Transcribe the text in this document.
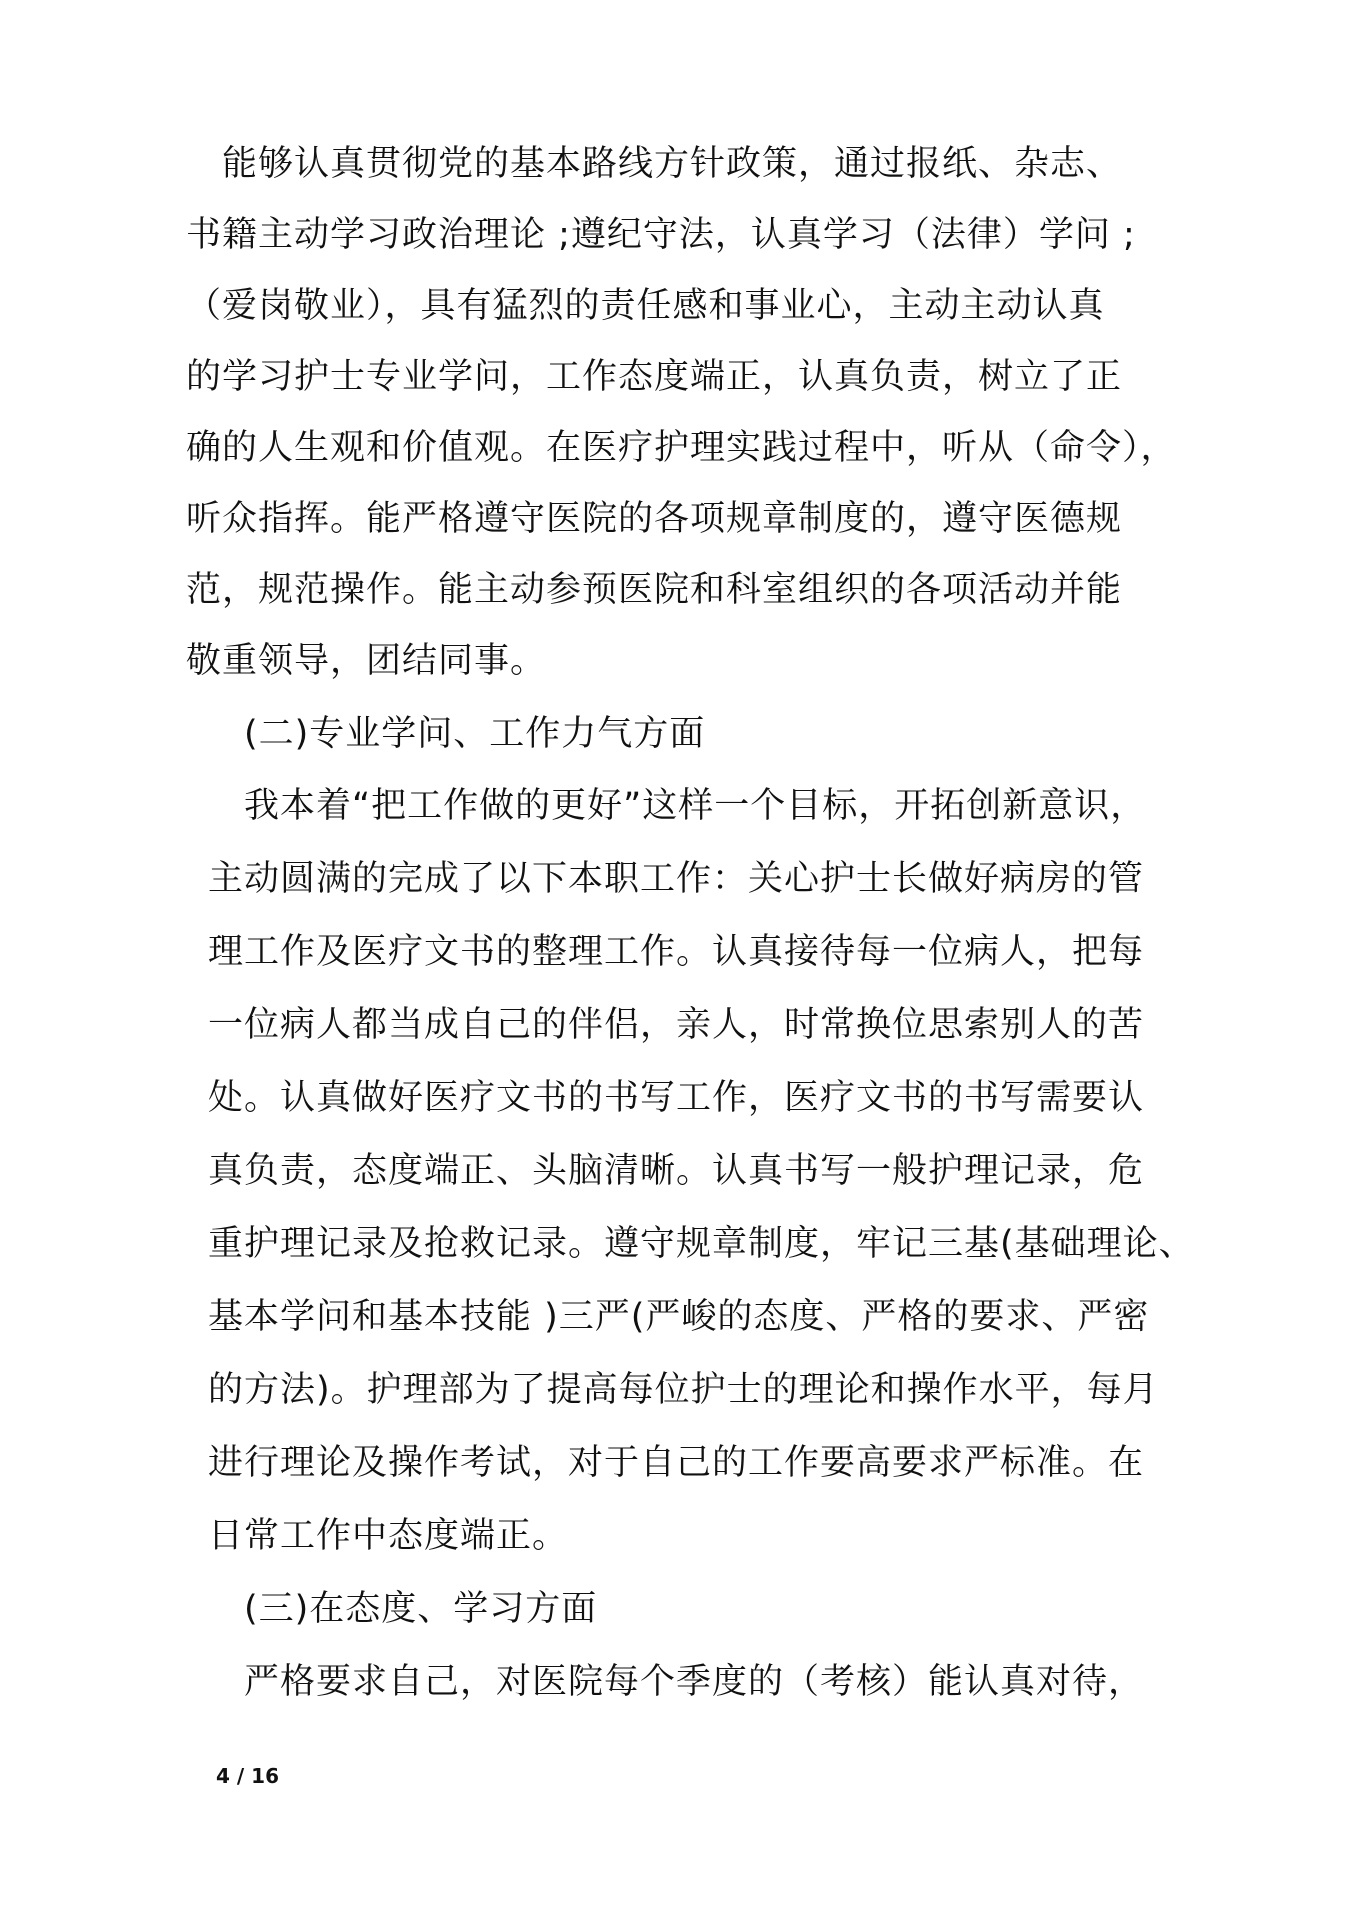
能够认真贯彻党的基本路线方针政策，通过报纸、杂志、
书籍主动学习政治理论 ;遵纪守法，认真学习（法律）学问 ;
（爱岗敬业），具有猛烈的责任感和事业心，主动主动认真
的学习护士专业学问，工作态度端正，认真负责，树立了正
确的人生观和价值观。在医疗护理实践过程中，听从（命令），
听众指挥。能严格遵守医院的各项规章制度的，遵守医德规
范，规范操作。能主动参预医院和科室组织的各项活动并能
敬重领导，团结同事。
(二)专业学问、工作力气方面
我本着“把工作做的更好”这样一个目标，开拓创新意识，
主动圆满的完成了以下本职工作：关心护士长做好病房的管
理工作及医疗文书的整理工作。认真接待每一位病人，把每
一位病人都当成自己的伴侣，亲人，时常换位思索别人的苦
处。认真做好医疗文书的书写工作，医疗文书的书写需要认
真负责，态度端正、头脑清晰。认真书写一般护理记录，危
重护理记录及抢救记录。遵守规章制度，牢记三基(基础理论、
基本学问和基本技能 )三严(严峻的态度、严格的要求、严密
的方法)。护理部为了提高每位护士的理论和操作水平，每月
进行理论及操作考试，对于自己的工作要高要求严标准。在
日常工作中态度端正。
(三)在态度、学习方面
严格要求自己，对医院每个季度的（考核）能认真对待，
4 / 16
